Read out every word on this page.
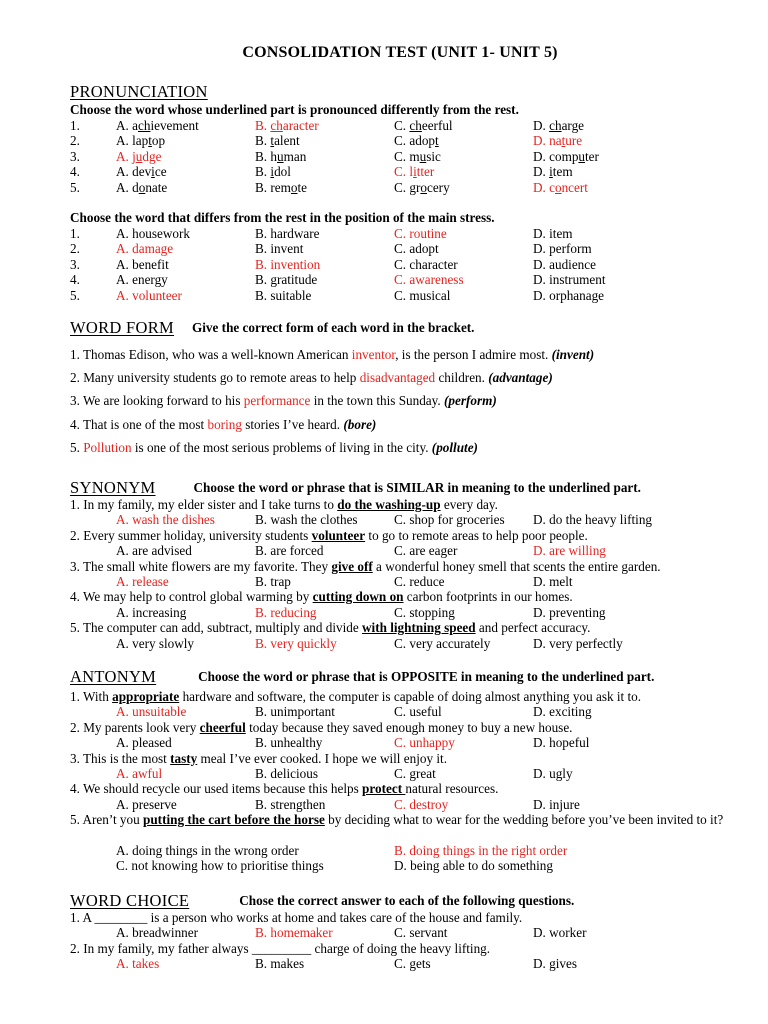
CONSOLIDATION TEST (UNIT 1- UNIT 5)
PRONUNCIATION
Choose the word whose underlined part is pronounced differently from the rest.
1.	A. achievement	B. character	C. cheerful	D. charge
2.	A. laptop	B. talent	C. adopt	D. nature
3.	A. judge	B. human	C. music	D. computer
4.	A. device	B. idol	C. litter	D. item
5.	A. donate	B. remote	C. grocery	D. concert
Choose the word that differs from the rest in the position of the main stress.
1.	A. housework	B. hardware	C. routine	D. item
2.	A. damage	B. invent	C. adopt	D. perform
3.	A. benefit	B. invention	C. character	D. audience
4.	A. energy	B. gratitude	C. awareness	D. instrument
5.	A. volunteer	B. suitable	C. musical	D. orphanage
WORD FORM Give the correct form of each word in the bracket.
1. Thomas Edison, who was a well-known American inventor, is the person I admire most. (invent)
2. Many university students go to remote areas to help disadvantaged children. (advantage)
3. We are looking forward to his performance in the town this Sunday. (perform)
4. That is one of the most boring stories I’ve heard. (bore)
5. Pollution is one of the most serious problems of living in the city. (pollute)
SYNONYM	Choose the word or phrase that is SIMILAR in meaning to the underlined part.
1. In my family, my elder sister and I take turns to do the washing-up every day.
A. wash the dishes	B. wash the clothes	C. shop for groceries D. do the heavy lifting
2. Every summer holiday, university students volunteer to go to remote areas to help poor people.
A. are advised	B. are forced	C. are eager	D. are willing
3. The small white flowers are my favorite. They give off a wonderful honey smell that scents the entire garden.
A. release	B. trap	C. reduce	D. melt
4. We may help to control global warming by cutting down on carbon footprints in our homes.
A. increasing	B. reducing	C. stopping	D. preventing
5. The computer can add, subtract, multiply and divide with lightning speed and perfect accuracy.
A. very slowly	B. very quickly	C. very accurately	D. very perfectly
ANTONYM	Choose the word or phrase that is OPPOSITE in meaning to the underlined part.
1. With appropriate hardware and software, the computer is capable of doing almost anything you ask it to.
A. unsuitable	B. unimportant	C. useful	D. exciting
2. My parents look very cheerful today because they saved enough money to buy a new house.
A. pleased	B. unhealthy	C. unhappy	D. hopeful
3. This is the most tasty meal I’ve ever cooked. I hope we will enjoy it.
A. awful	B. delicious	C. great	D. ugly
4. We should recycle our used items because this helps protect natural resources.
A. preserve	B. strengthen	C. destroy	D. injure
5. Aren’t you putting the cart before the horse by deciding what to wear for the wedding before you’ve been invited to it?
A. doing things in the wrong order	B. doing things in the right order
C. not knowing how to prioritise things	D. being able to do something
WORD CHOICE	Chose the correct answer to each of the following questions.
1. A ________ is a person who works at home and takes care of the house and family.
A. breadwinner	B. homemaker	C. servant	D. worker
2. In my family, my father always _________ charge of doing the heavy lifting.
A. takes	B. makes	C. gets	D. gives
